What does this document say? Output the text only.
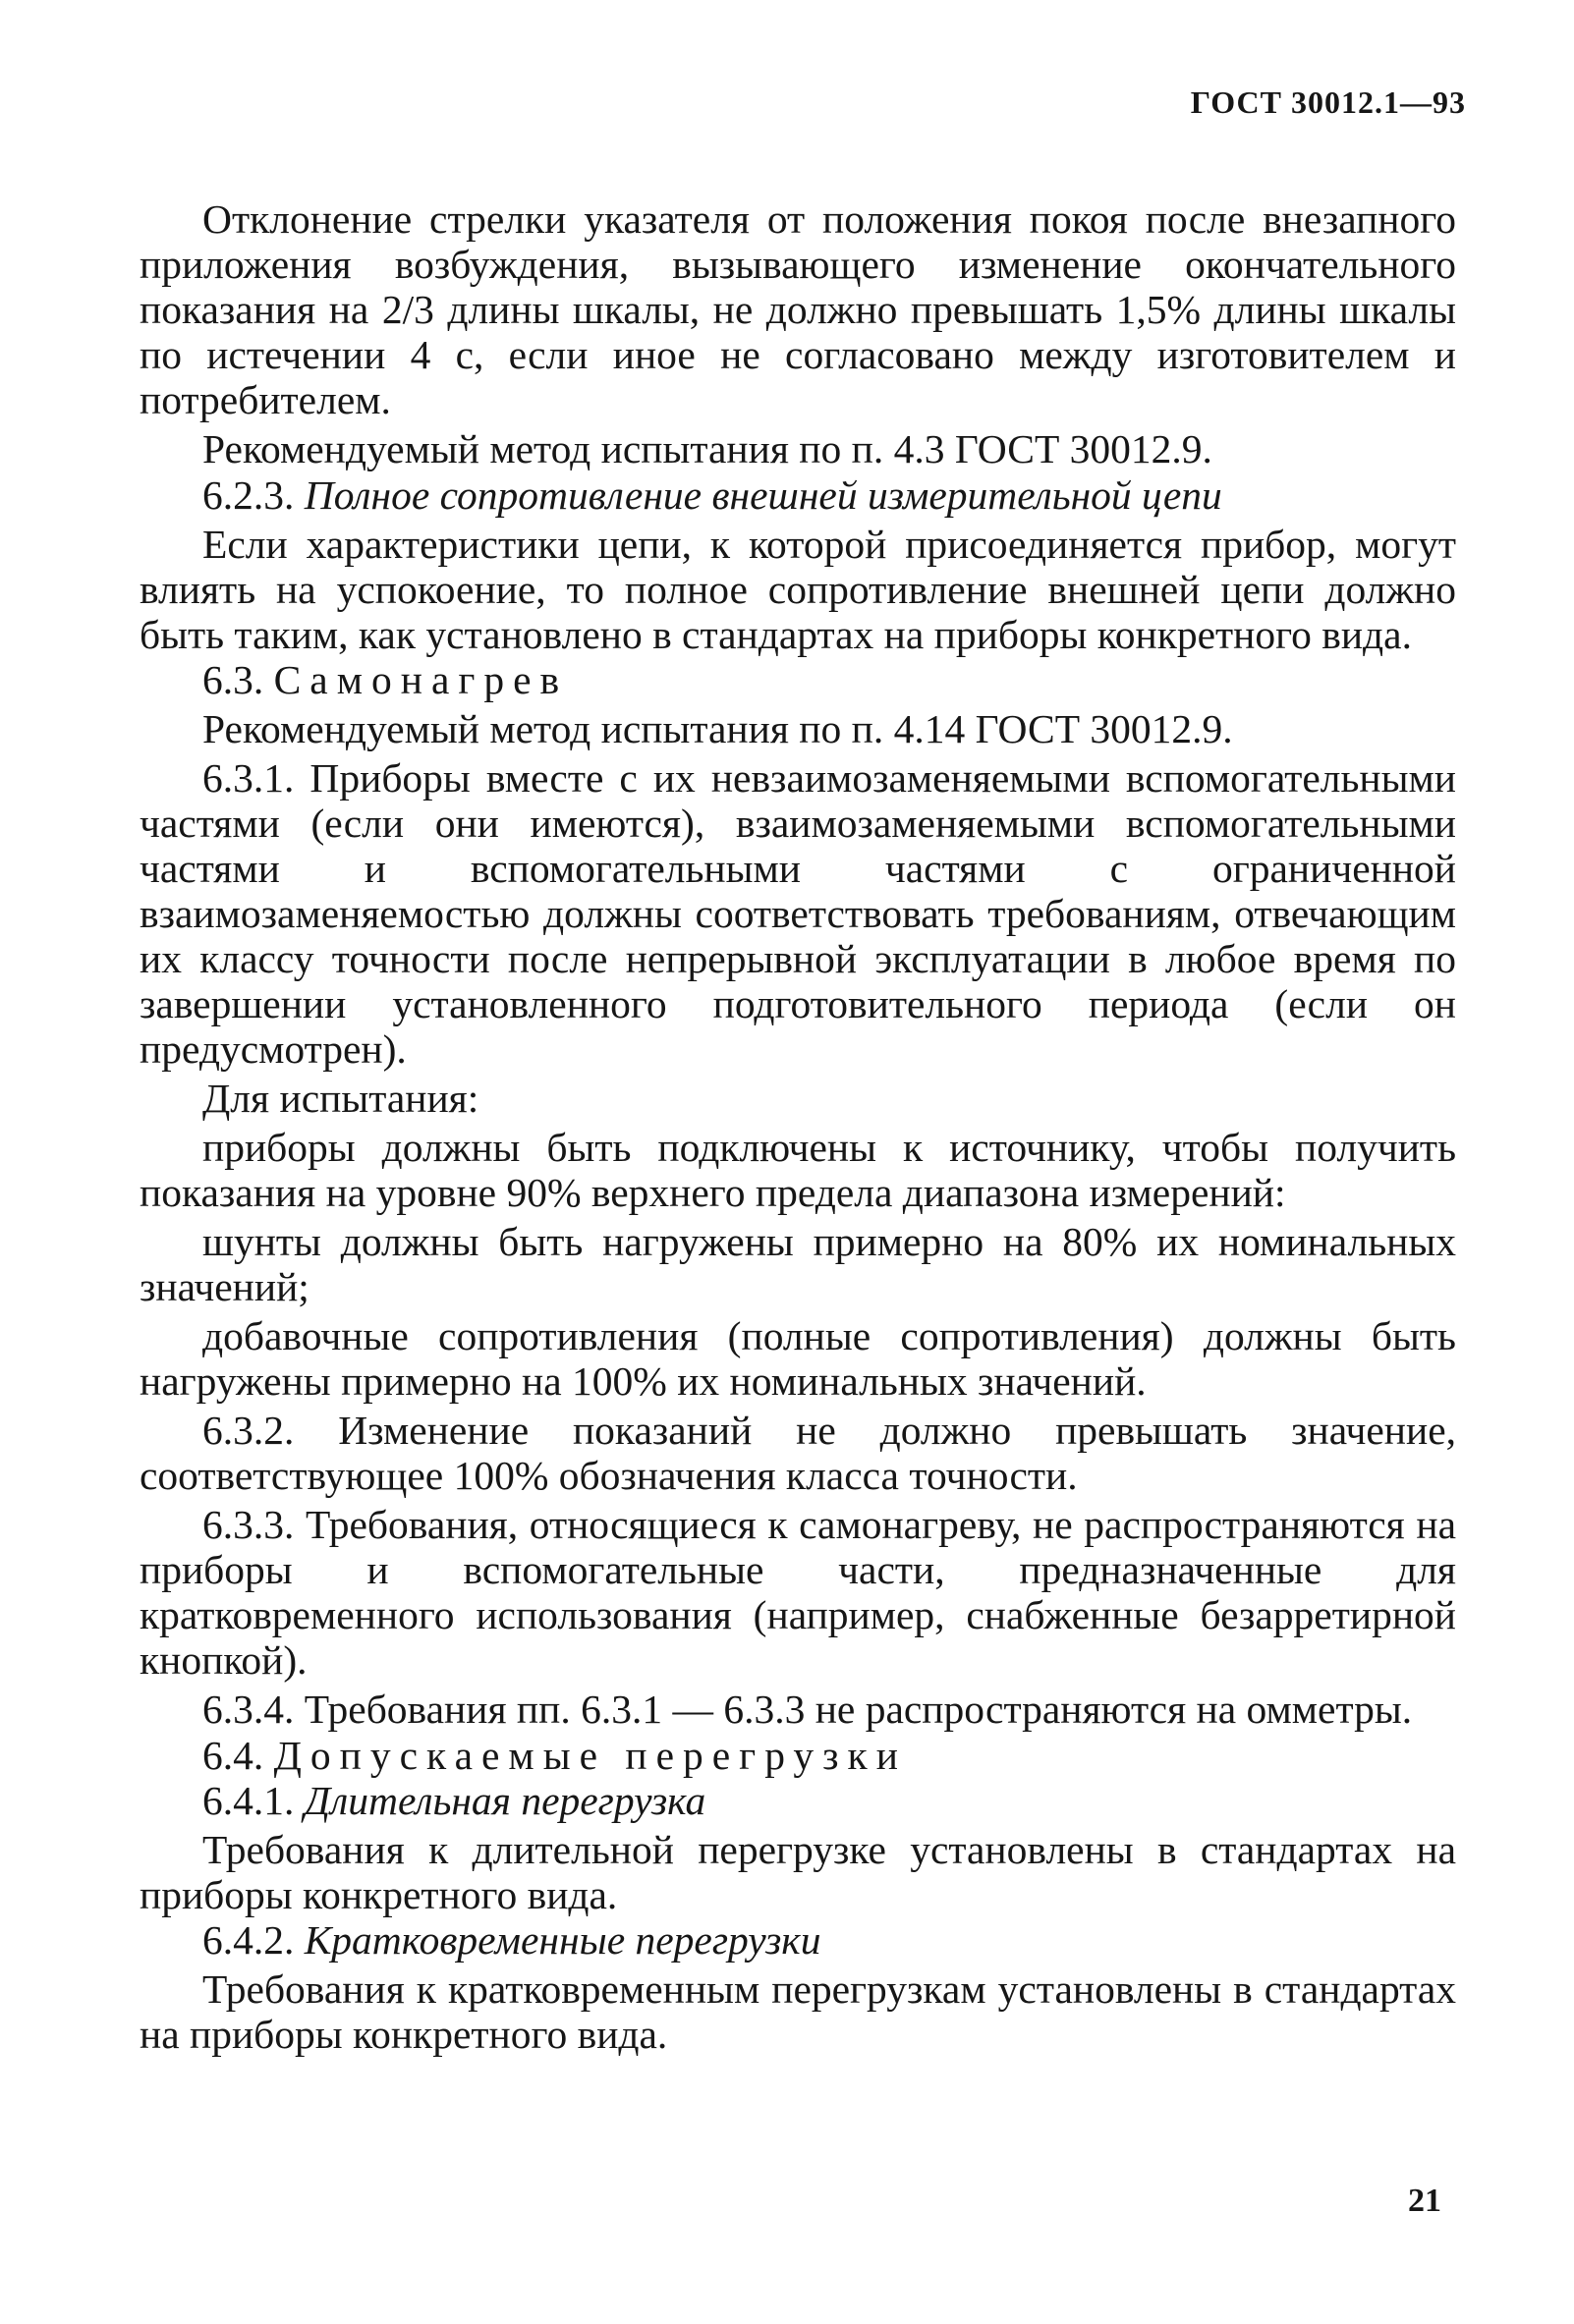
ГОСТ 30012.1—93

Отклонение стрелки указателя от положения покоя после внезапного приложения возбуждения, вызывающего изменение окончательного показания на 2/3 длины шкалы, не должно превышать 1,5% длины шкалы по истечении 4 с, если иное не согласовано между изготовителем и потребителем.

Рекомендуемый метод испытания по п. 4.3 ГОСТ 30012.9.

6.2.3. Полное сопротивление внешней измерительной цепи

Если характеристики цепи, к которой присоединяется прибор, могут влиять на успокоение, то полное сопротивление внешней цепи должно быть таким, как установлено в стандартах на приборы конкретного вида.

6.3. Самонагрев

Рекомендуемый метод испытания по п. 4.14 ГОСТ 30012.9.

6.3.1. Приборы вместе с их невзаимозаменяемыми вспомогательными частями (если они имеются), взаимозаменяемыми вспомогательными частями и вспомогательными частями с ограниченной взаимозаменяемостью должны соответствовать требованиям, отвечающим их классу точности после непрерывной эксплуатации в любое время по завершении установленного подготовительного периода (если он предусмотрен).

Для испытания:

приборы должны быть подключены к источнику, чтобы получить показания на уровне 90% верхнего предела диапазона измерений:

шунты должны быть нагружены примерно на 80% их номинальных значений;

добавочные сопротивления (полные сопротивления) должны быть нагружены примерно на 100% их номинальных значений.

6.3.2. Изменение показаний не должно превышать значение, соответствующее 100% обозначения класса точности.

6.3.3. Требования, относящиеся к самонагреву, не распространяются на приборы и вспомогательные части, предназначенные для кратковременного использования (например, снабженные безарретирной кнопкой).

6.3.4. Требования пп. 6.3.1 — 6.3.3 не распространяются на омметры.

6.4. Допускаемые перегрузки

6.4.1. Длительная перегрузка

Требования к длительной перегрузке установлены в стандартах на приборы конкретного вида.

6.4.2. Кратковременные перегрузки

Требования к кратковременным перегрузкам установлены в стандартах на приборы конкретного вида.

21
